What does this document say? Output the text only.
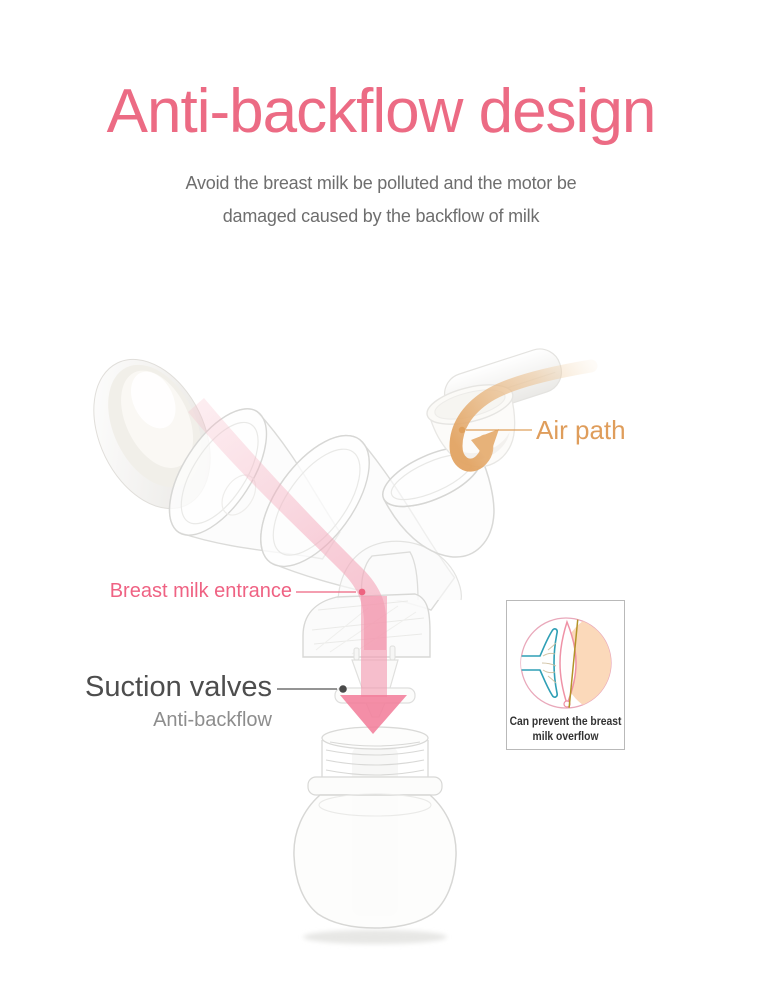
Anti-backflow design
Avoid the breast milk be polluted and the motor be
damaged caused by the backflow of milk
Air path
Breast milk entrance
Suction valves
Anti-backflow	Can prevent the breast
milk overflow
